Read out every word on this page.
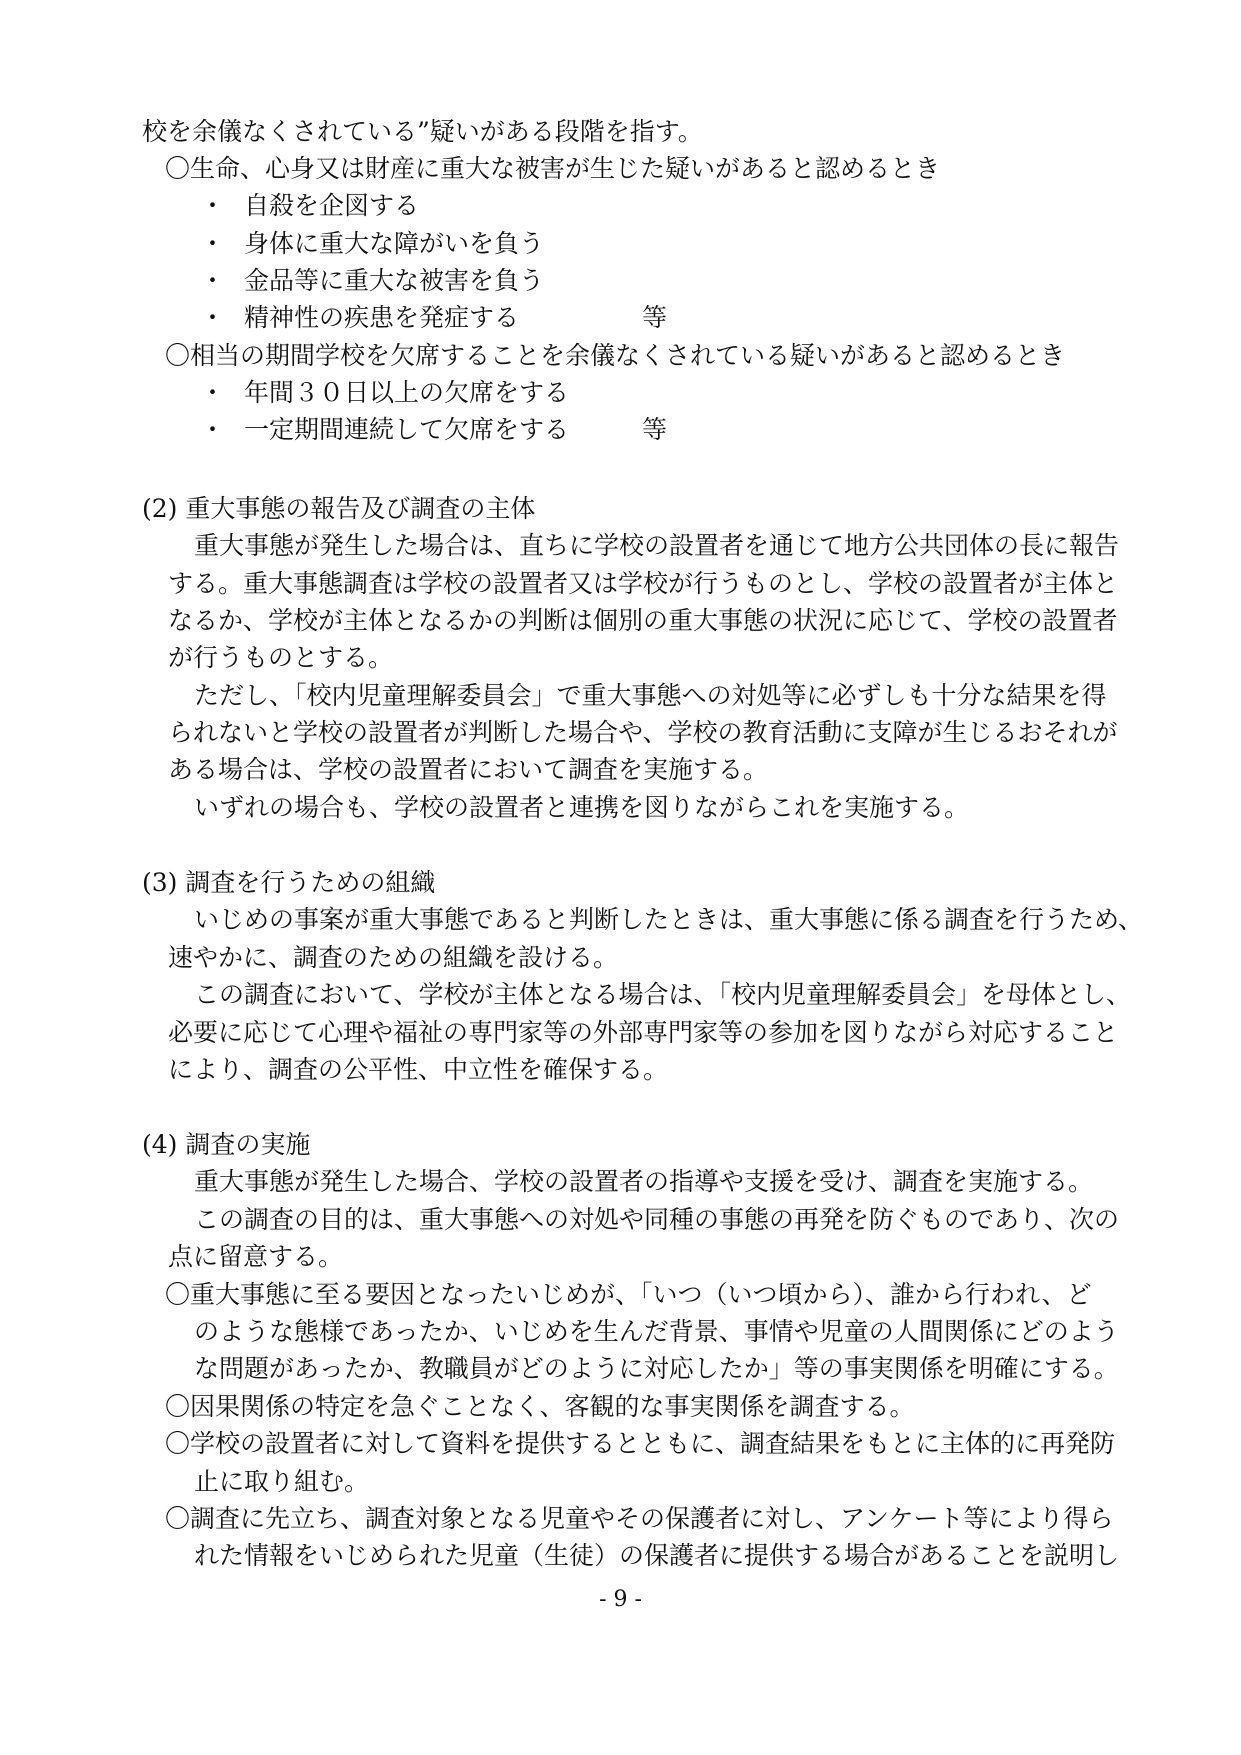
校を余儀なくされている”疑いがある段階を指す。
〇生命、心身又は財産に重大な被害が生じた疑いがあると認めるとき
・ 自殺を企図する
・ 身体に重大な障がいを負う
・ 金品等に重大な被害を負う
・ 精神性の疾患を発症する	等
〇相当の期間学校を欠席することを余儀なくされている疑いがあると認めるとき
・ 年間３０日以上の欠席をする
・ 一定期間連続して欠席をする	等
(2) 重大事態の報告及び調査の主体
重大事態が発生した場合は、直ちに学校の設置者を通じて地方公共団体の長に報告
する。重大事態調査は学校の設置者又は学校が行うものとし、学校の設置者が主体と
なるか、学校が主体となるかの判断は個別の重大事態の状況に応じて、学校の設置者
が行うものとする。
ただし、「校内児童理解委員会」で重大事態への対処等に必ずしも十分な結果を得
られないと学校の設置者が判断した場合や、学校の教育活動に支障が生じるおそれが
ある場合は、学校の設置者において調査を実施する。
いずれの場合も、学校の設置者と連携を図りながらこれを実施する。
(3) 調査を行うための組織
いじめの事案が重大事態であると判断したときは、重大事態に係る調査を行うため、
速やかに、調査のための組織を設ける。
この調査において、学校が主体となる場合は、「校内児童理解委員会」を母体とし、
必要に応じて心理や福祉の専門家等の外部専門家等の参加を図りながら対応すること
により、調査の公平性、中立性を確保する。
(4) 調査の実施
重大事態が発生した場合、学校の設置者の指導や支援を受け、調査を実施する。
この調査の目的は、重大事態への対処や同種の事態の再発を防ぐものであり、次の
点に留意する。
〇重大事態に至る要因となったいじめが、「いつ（いつ頃から）、誰から行われ、ど
のような態様であったか、いじめを生んだ背景、事情や児童の人間関係にどのよう
な問題があったか、教職員がどのように対応したか」等の事実関係を明確にする。
〇因果関係の特定を急ぐことなく、客観的な事実関係を調査する。
〇学校の設置者に対して資料を提供するとともに、調査結果をもとに主体的に再発防
止に取り組む。
〇調査に先立ち、調査対象となる児童やその保護者に対し、アンケート等により得ら
れた情報をいじめられた児童（生徒）の保護者に提供する場合があることを説明し
- 9 -
